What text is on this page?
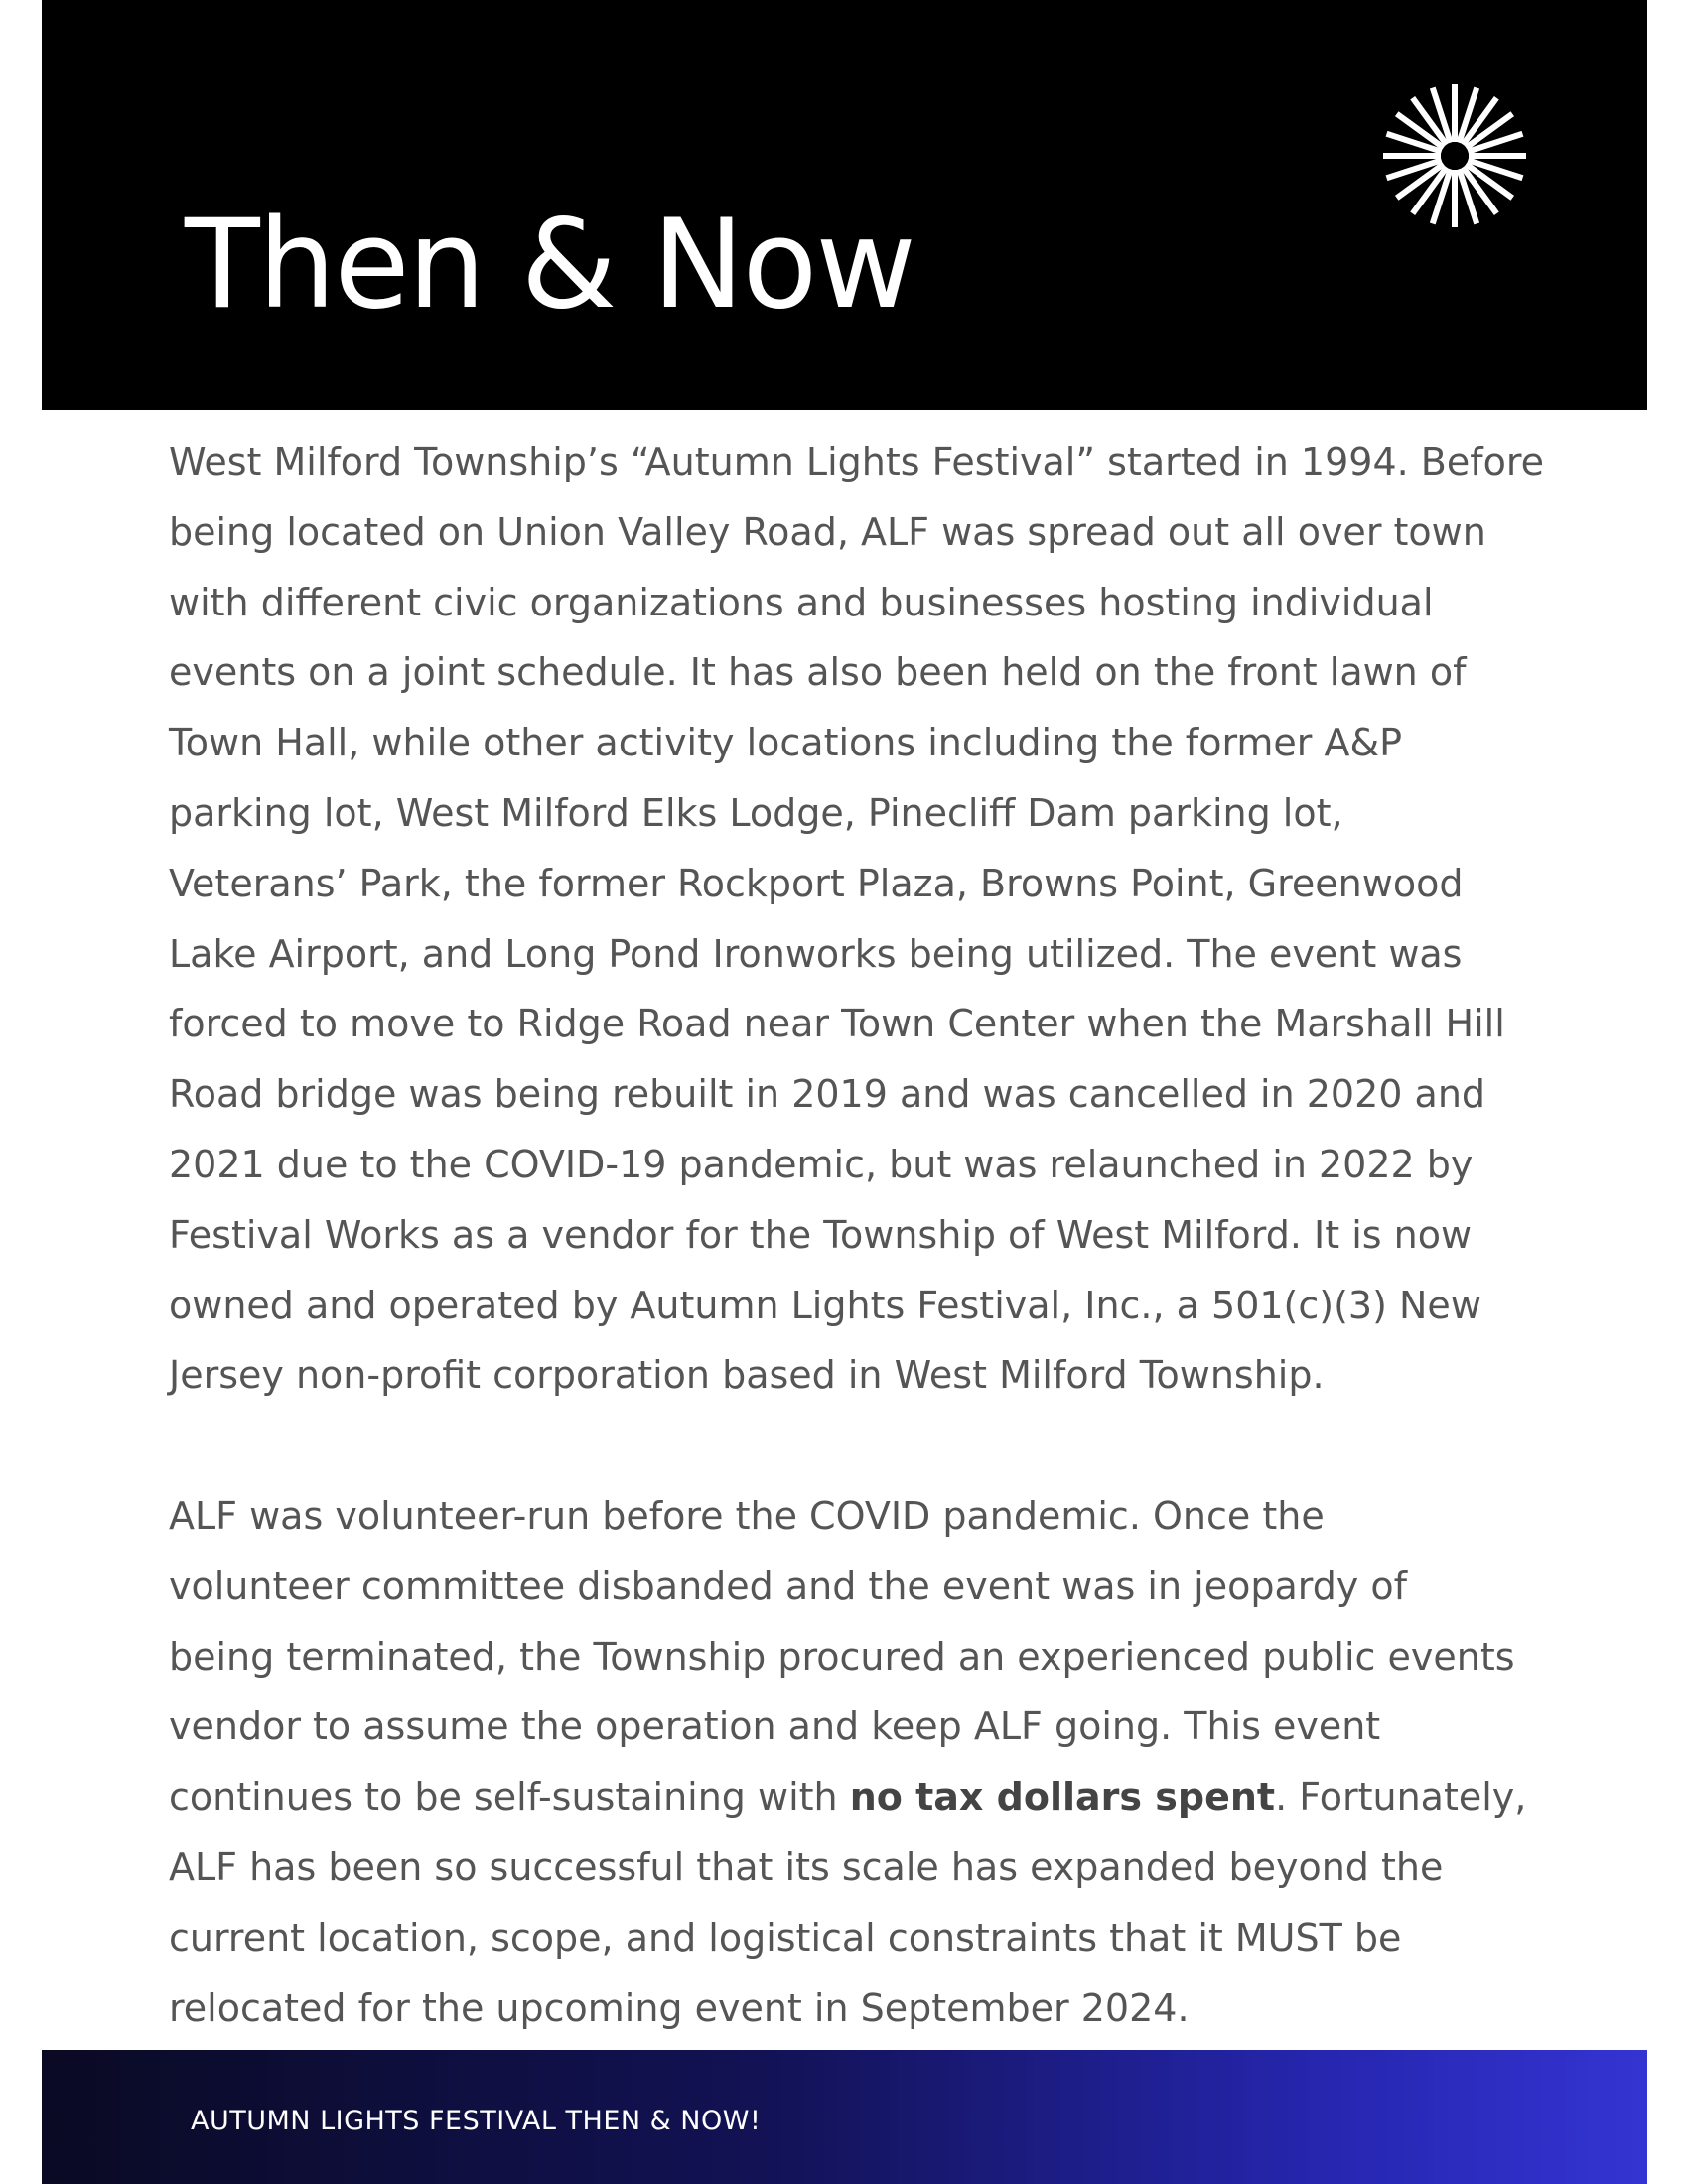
Then & Now

West Milford Township’s “Autumn Lights Festival” started in 1994. Before

being located on Union Valley Road, ALF was spread out all over town

with different civic organizations and businesses hosting individual

events on a joint schedule. It has also been held on the front lawn of

Town Hall, while other activity locations including the former A&P

parking lot, West Milford Elks Lodge, Pinecliff Dam parking lot,

Veterans’ Park, the former Rockport Plaza, Browns Point, Greenwood

Lake Airport, and Long Pond Ironworks being utilized. The event was

forced to move to Ridge Road near Town Center when the Marshall Hill

Road bridge was being rebuilt in 2019 and was cancelled in 2020 and

2021 due to the COVID-19 pandemic, but was relaunched in 2022 by

Festival Works as a vendor for the Township of West Milford. It is now

owned and operated by Autumn Lights Festival, Inc., a 501(c)(3) New

Jersey non-profit corporation based in West Milford Township.

ALF was volunteer-run before the COVID pandemic. Once the

volunteer committee disbanded and the event was in jeopardy of

being terminated, the Township procured an experienced public events

vendor to assume the operation and keep ALF going. This event

continues to be self-sustaining with no tax dollars spent. Fortunately,

ALF has been so successful that its scale has expanded beyond the

current location, scope, and logistical constraints that it MUST be

relocated for the upcoming event in September 2024.

AUTUMN LIGHTS FESTIVAL THEN & NOW!
